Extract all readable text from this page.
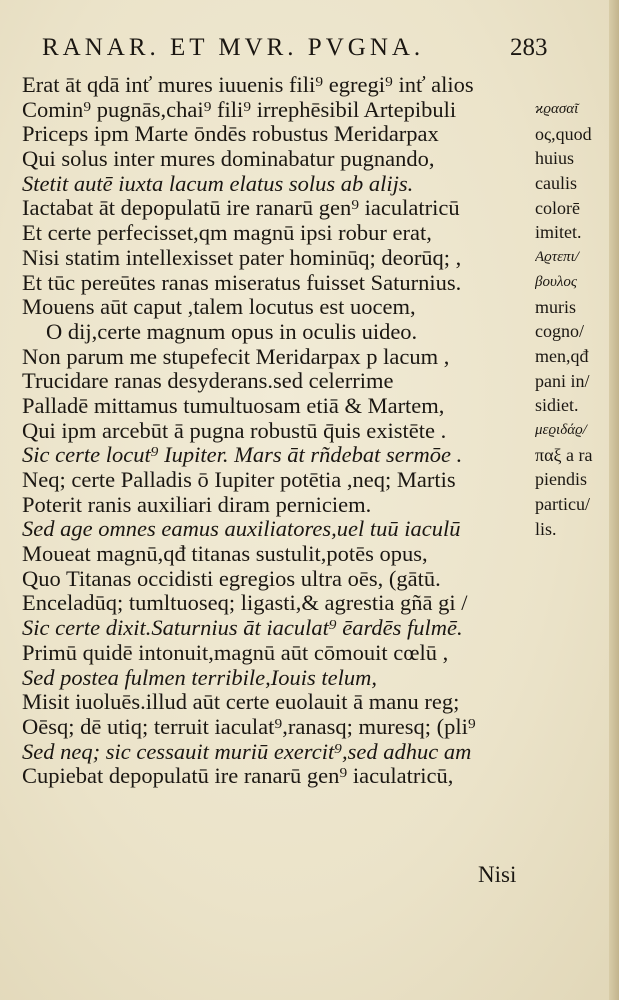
RANAR. ET MVR. PVGNA.	283
Erat āt qdā inť mures iuuenis fili⁹ egregi⁹ inť alios
Comin⁹ pugnās,chai⁹ fili⁹ irrephēsibil Artepibuli
Priceps ipm Marte ōndēs robustus Meridarpax
Qui solus inter mures dominabatur pugnando,
Stetit autē iuxta lacum elatus solus ab alijs.
Iactabat āt depopulatū ire ranarū gen⁹ iaculatricū
Et certe perfecisset,qm magnū ipsi robur erat,
Nisi statim intellexisset pater hominūq; deorūq; ,
Et tūc pereūtes ranas miseratus fuisset Saturnius.
Mouens aūt caput ,talem locutus est uocem,
O dij,certe magnum opus in oculis uideo.
Non parum me stupefecit Meridarpax p lacum ,
Trucidare ranas desyderans.sed celerrime
Palladē mittamus tumultuosam etiā & Martem,
Qui ipm arcebūt ā pugna robustū q̄uis existēte .
Sic certe locut⁹ Iupiter. Mars āt rñdebat sermōe .
Neq; certe Palladis ō Iupiter potētia ,neq; Martis
Poterit ranis auxiliari diram perniciem.
Sed age omnes eamus auxiliatores,uel tuū iaculū
Moueat magnū,qđ titanas sustulit,potēs opus,
Quo Titanas occidisti egregios ultra oēs, (gātū.
Enceladūq; tumltuoseq; ligasti,& agrestia gñā gi /
Sic certe dixit.Saturnius āt iaculat⁹ ēardēs fulmē.
Primū quidē intonuit,magnū aūt cōmouit cœlū ,
Sed postea fulmen terribile,Iouis telum,
Misit iuoluēs.illud aūt certe euolauit ā manu reg;
Oēsq; dē utiq; terruit iaculat⁹,ranasq; muresq; (pli⁹
Sed neq; sic cessauit muriū exercit⁹,sed adhuc am
Cupiebat depopulatū ire ranarū gen⁹ iaculatricū,
ϰϱασαῖ
ος,quod
huius
caulis
colorē
imitet.
Αϱτεπι/
βουλος
muris
cogno/
men,qđ
pani in/
sidiet.
μεϱιδάϱ/
παξ a ra
piendis
particu/
lis.
Nisi
